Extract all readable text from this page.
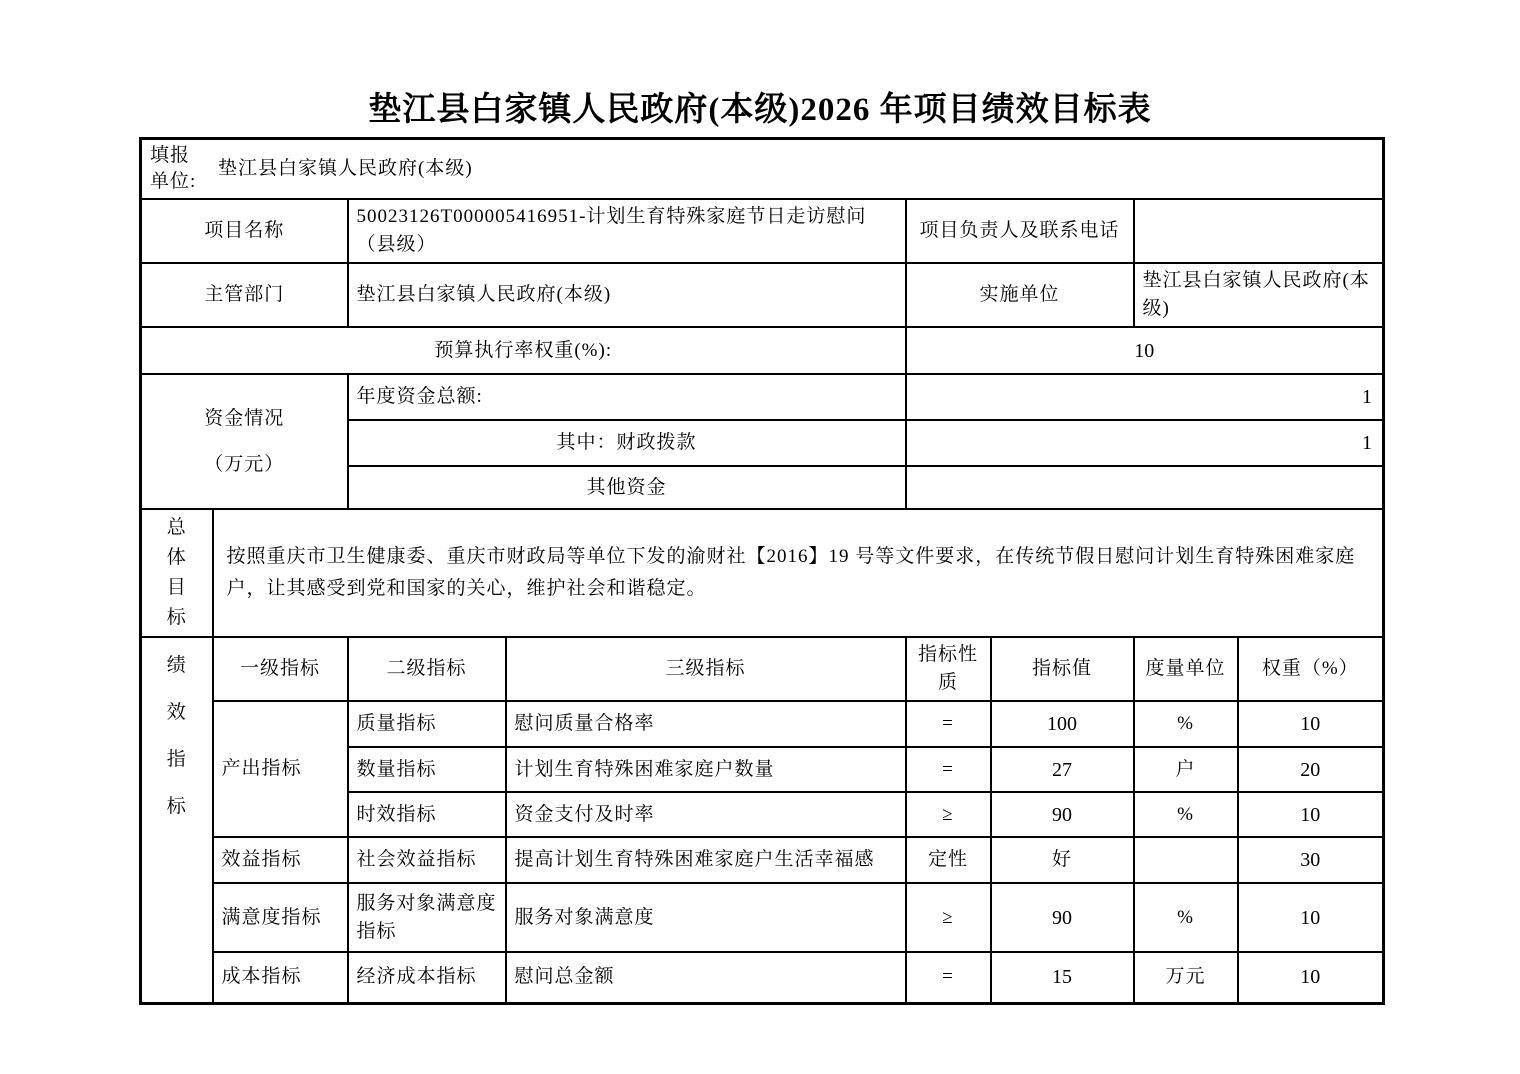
垫江县白家镇人民政府(本级)2026 年项目绩效目标表
填报单位:
垫江县白家镇人民政府(本级)							

项目名称		50023126T000005416951-计划生育特殊家庭节日走访慰问（县级）		项目负责人及联系电话			
主管部门		垫江县白家镇人民政府(本级)		实施单位		垫江县白家镇人民政府(本级)	
预算执行率权重(%):				10			

资金情况
（万元）		年度资金总额:		1			
		其中：财政拨款		1			
		其他资金					
总体目标	按照重庆市卫生健康委、重庆市财政局等单位下发的渝财社【2016】19 号等文件要求，在传统节假日慰问计划生育特殊困难家庭户，让其感受到党和国家的关心，维护社会和谐稳定。						
绩效指标	一级指标	二级指标	三级指标	指标性质	指标值	度量单位	权重（%）
	产出指标	质量指标	慰问质量合格率	=	100	%	10
		数量指标	计划生育特殊困难家庭户数量	=	27	户	20
		时效指标	资金支付及时率	≥	90	%	10
	效益指标	社会效益指标	提高计划生育特殊困难家庭户生活幸福感	定性	好		30
	满意度指标	服务对象满意度指标	服务对象满意度	≥	90	%	10
	成本指标	经济成本指标	慰问总金额	=	15	万元	10
